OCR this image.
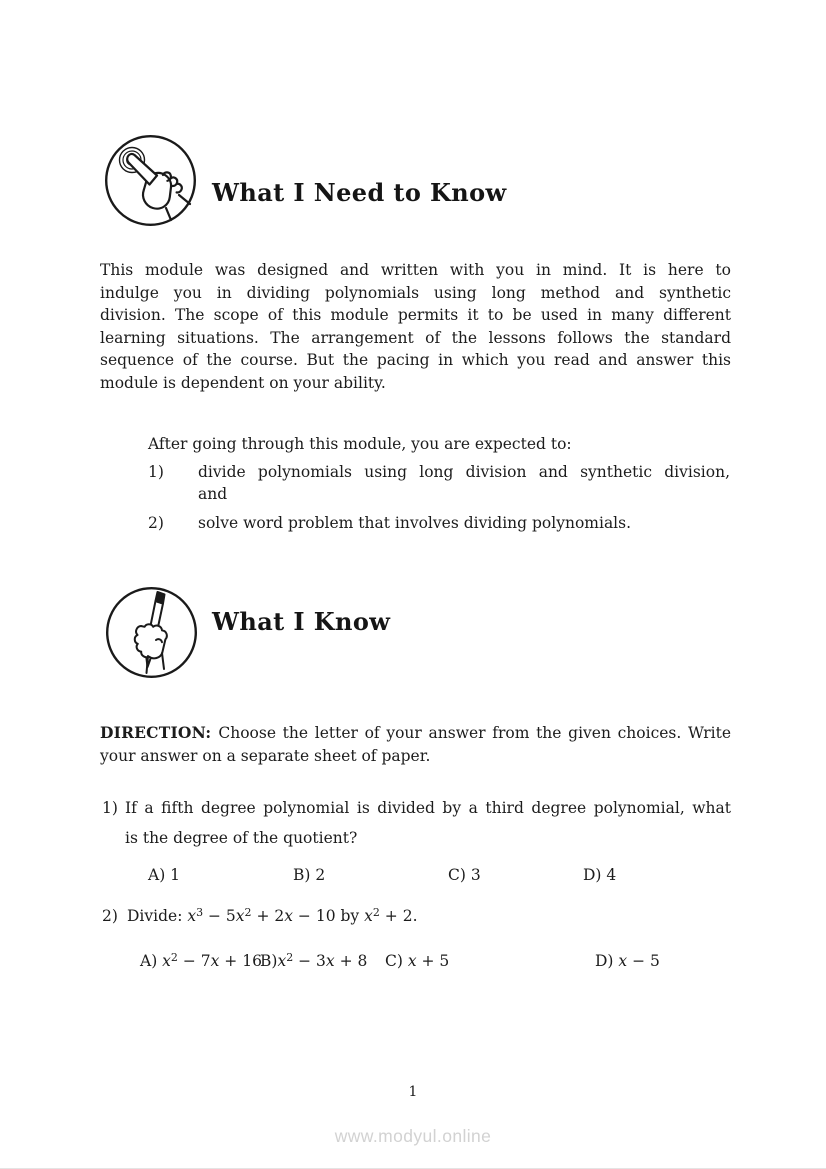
What I Need to Know
This module was designed and written with you in mind. It is here to
indulge you in dividing polynomials using long method and synthetic
division. The scope of this module permits it to be used in many different
learning situations. The arrangement of the lessons follows the standard
sequence of the course. But the pacing in which you read and answer this
module is dependent on your ability.

After going through this module, you are expected to:

1)	divide polynomials using long division and synthetic division,
and
2)	solve word problem that involves dividing polynomials.
What I Know
DIRECTION: Choose the letter of your answer from the given choices. Write
your answer on a separate sheet of paper.
1) If a fifth degree polynomial is divided by a third degree polynomial, what
is the degree of the quotient?
A) 1	B) 2	C) 3	D) 4
2) Divide: $x^3 - 5x^2 + 2x - 10$ by $x^2 + 2$.
A) $x^2 - 7x + 16$
$B)x^2 - 3x + 8$ C) x + 5	D) x − 5
1
www.modyul.online
